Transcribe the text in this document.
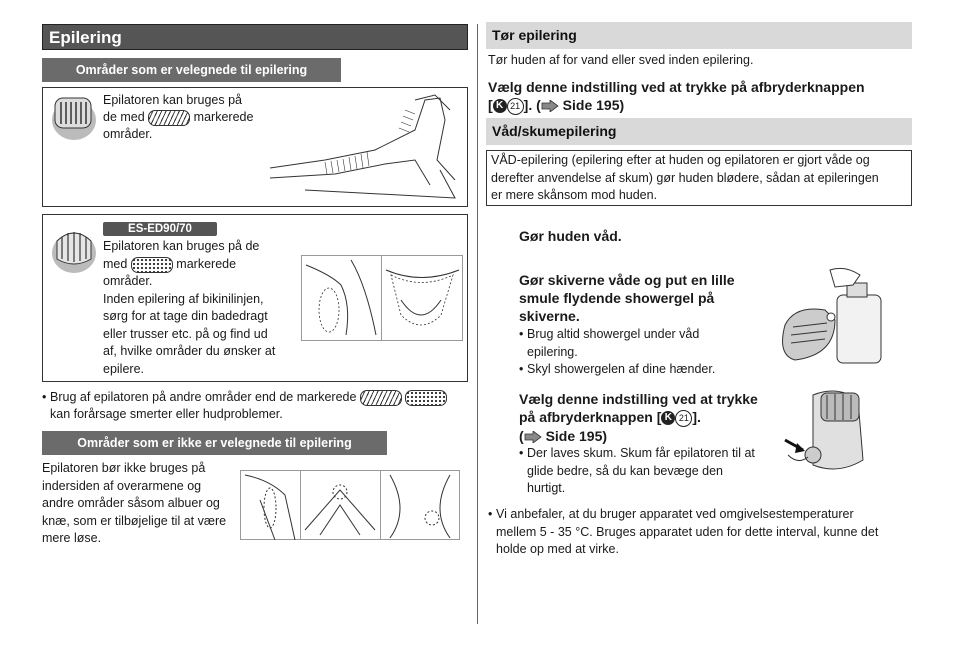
Epilering
Områder som er velegnede til epilering
Epilatoren kan bruges på
de med	markerede
områder.
ES-ED90/70
Epilatoren kan bruges på de
med	markerede
områder.
Inden epilering af bikinilinjen,
sørg for at tage din badedragt
eller trusser etc. på og find ud
af, hvilke områder du ønsker at
epilere.
Brug af epilatoren på andre områder end de markerede
kan forårsage smerter eller hudproblemer.
Områder som er ikke er velegnede til epilering
Epilatoren bør ikke bruges på
indersiden af overarmene og
andre områder såsom albuer og
knæ, som er tilbøjelige til at være
mere løse.
Tør epilering
Tør huden af for vand eller sved inden epilering.
Vælg denne indstilling ved at trykke på afbryderknappen
[ K 21 ]. ( Side 195)
Våd/skumepilering
VÅD-epilering (epilering efter at huden og epilatoren er gjort våde og
derefter anvendelse af skum) gør huden blødere, sådan at epileringen
er mere skånsom mod huden.
Gør huden våd.
Gør skiverne våde og put en lille
smule flydende showergel på
skiverne.
Brug altid showergel under våd
epilering.
Skyl showergelen af dine hænder.
Vælg denne indstilling ved at trykke
på afbryderknappen [ K 21 ].
( Side 195)
Der laves skum. Skum får epilatoren til at
glide bedre, så du kan bevæge den
hurtigt.
Vi anbefaler, at du bruger apparatet ved omgivelsestemperaturer
mellem 5 - 35 °C. Bruges apparatet uden for dette interval, kunne det
holde op med at virke.
